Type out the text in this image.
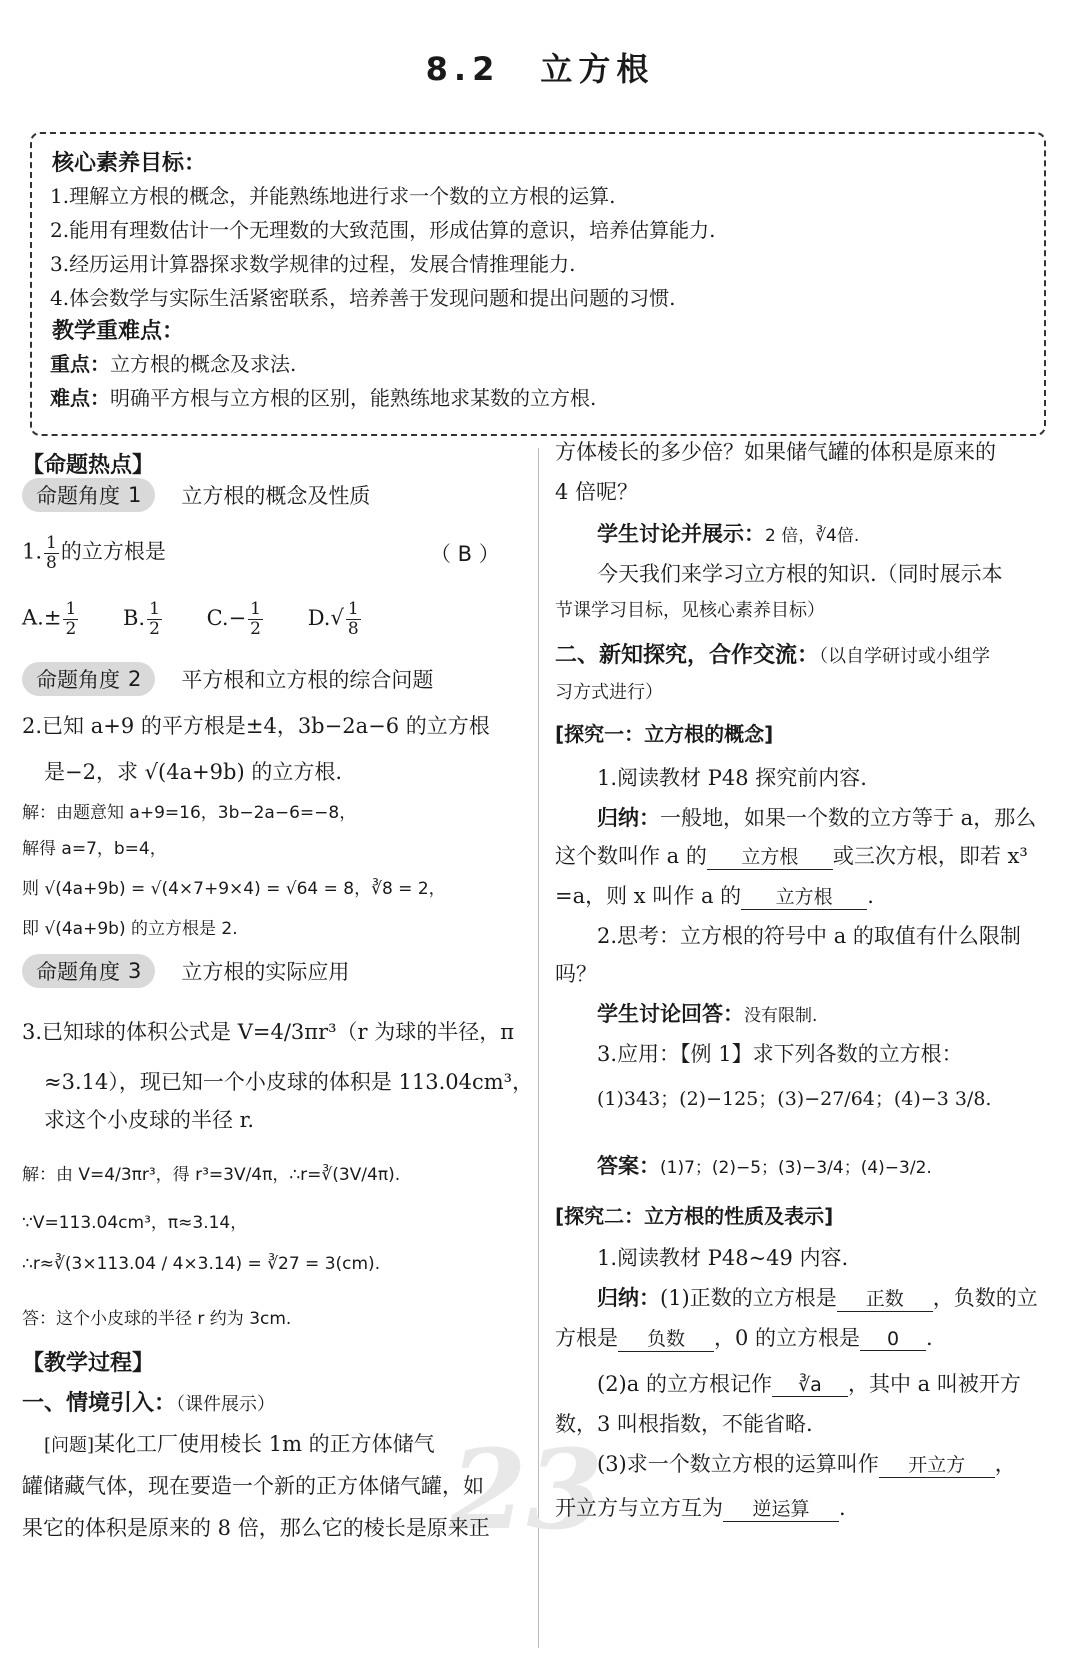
8.2 立方根
核心素养目标：
1.理解立方根的概念，并能熟练地进行求一个数的立方根的运算.
2.能用有理数估计一个无理数的大致范围，形成估算的意识，培养估算能力.
3.经历运用计算器探求数学规律的过程，发展合情推理能力.
4.体会数学与实际生活紧密联系，培养善于发现问题和提出问题的习惯.
教学重难点：
重点：立方根的概念及求法.
难点：明确平方根与立方根的区别，能熟练地求某数的立方根.
23
【命题热点】
命题角度 1 立方根的概念及性质
1. $\frac{1}{8}$ 的立方根是	（ B ）
$A.\pm \frac{1}{2} B$. $\frac{1}{2} C.- \frac{1}{2} D.√ \frac{1}{8}$
命题角度 2 平方根和立方根的综合问题
2.已知 a+9 的平方根是±4，3b−2a−6 的立方根
是−2，求 √(4a+9b) 的立方根.
解：由题意知 a+9=16，3b−2a−6=−8，
解得 a=7，b=4，
则 √(4a+9b) = √(4×7+9×4) = √64 = 8，∛8 = 2，
即 √(4a+9b) 的立方根是 2.
命题角度 3 立方根的实际应用
3.已知球的体积公式是 V=4/3πr³（r 为球的半径，π
≈3.14），现已知一个小皮球的体积是 113.04cm³，
求这个小皮球的半径 r.
解：由 V=4/3πr³，得 r³=3V/4π，∴r=∛(3V/4π).
∵V=113.04cm³，π≈3.14，
∴r≈∛(3×113.04 / 4×3.14) = ∛27 = 3(cm).
答：这个小皮球的半径 r 约为 3cm.
【教学过程】
一、情境引入：（课件展示）
[问题]某化工厂使用棱长 1m 的正方体储气
罐储藏气体，现在要造一个新的正方体储气罐，如
果它的体积是原来的 8 倍，那么它的棱长是原来正
方体棱长的多少倍？如果储气罐的体积是原来的
4 倍呢？
学生讨论并展示：2 倍，∛4倍.
今天我们来学习立方根的知识.（同时展示本
节课学习目标，见核心素养目标）
二、新知探究，合作交流：（以自学研讨或小组学
习方式进行）
[探究一：立方根的概念]
1.阅读教材 P48 探究前内容.
归纳：一般地，如果一个数的立方等于 a，那么
这个数叫作 a 的 立方根 或三次方根，即若 x³
=a，则 x 叫作 a 的 立方根 .
2.思考：立方根的符号中 a 的取值有什么限制
吗？
学生讨论回答：没有限制.
3.应用：【例 1】求下列各数的立方根：
(1)343；(2)−125；(3)−27/64；(4)−3 3/8.
答案：(1)7；(2)−5；(3)−3/4；(4)−3/2.
[探究二：立方根的性质及表示]
1.阅读教材 P48~49 内容.
归纳：(1)正数的立方根是 正数 ，负数的立
方根是 负数 ，0 的立方根是 0 .
(2)a 的立方根记作 ∛a ，其中 a 叫被开方
数，3 叫根指数，不能省略.
(3)求一个数立方根的运算叫作 开立方 ，
开立方与立方互为 逆运算 .
